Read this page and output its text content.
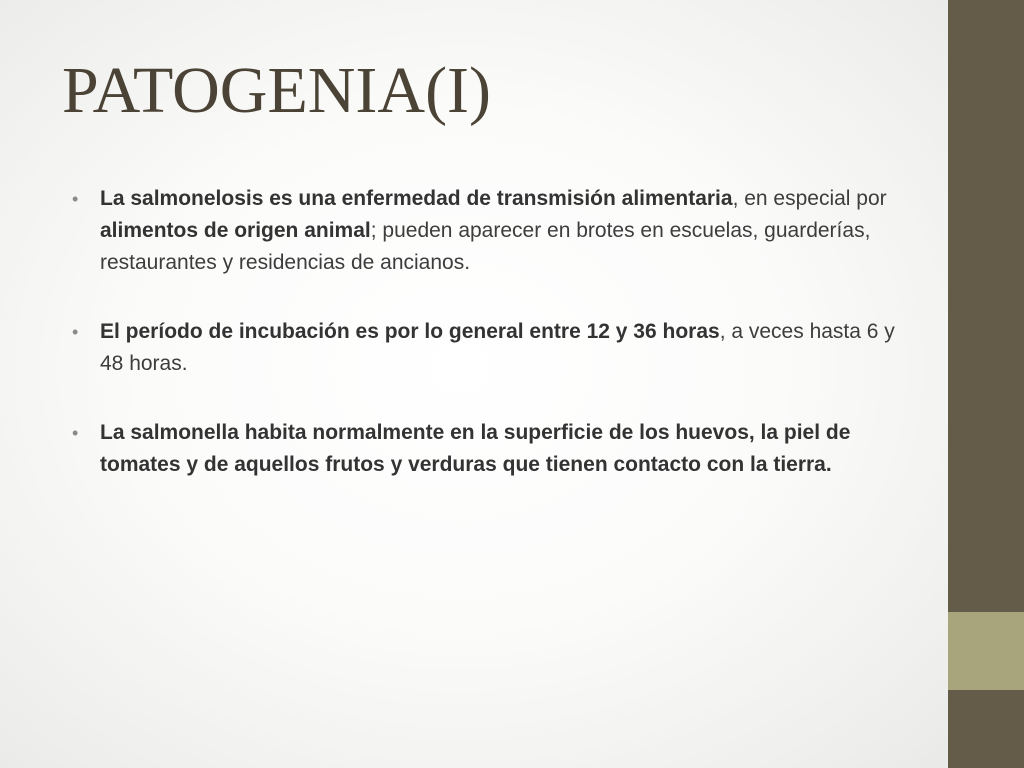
PATOGENIA(I)
• La salmonelosis es una enfermedad de transmisión alimentaria, en especial por alimentos de origen animal; pueden aparecer en brotes en escuelas, guarderías, restaurantes y residencias de ancianos.
• El período de incubación es por lo general entre 12 y 36 horas, a veces hasta 6 y 48 horas.
• La salmonella habita normalmente en la superficie de los huevos, la piel de tomates y de aquellos frutos y verduras que tienen contacto con la tierra.
